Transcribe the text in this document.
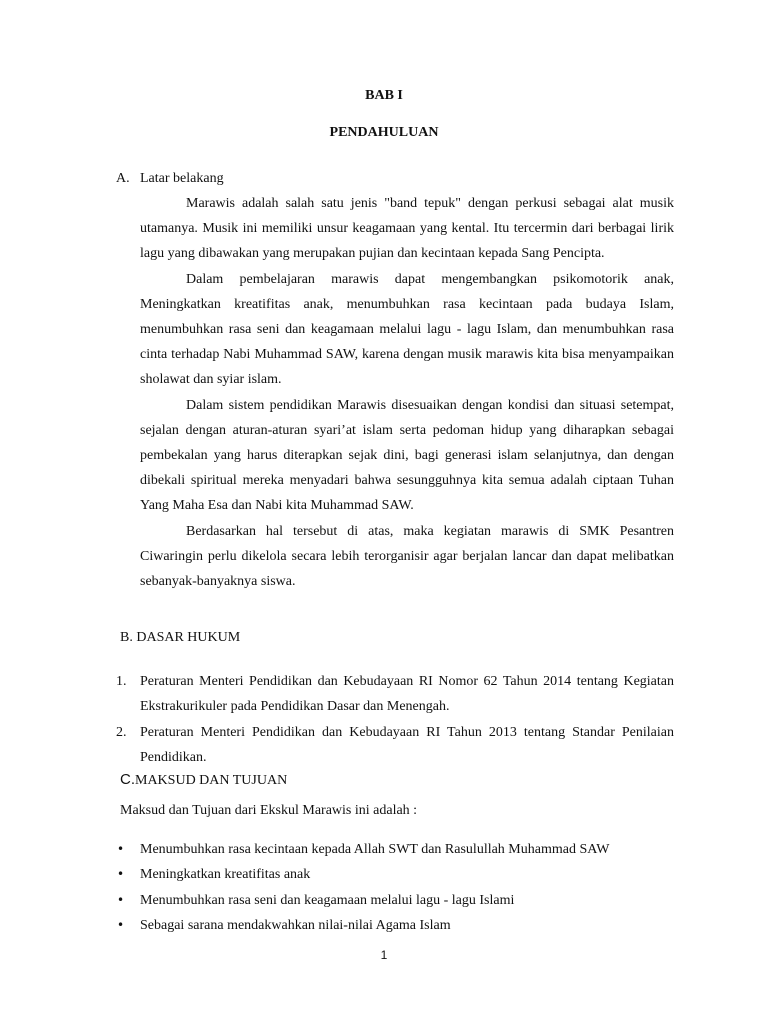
BAB I
PENDAHULUAN
A. Latar belakang

Marawis adalah salah satu jenis "band tepuk" dengan perkusi sebagai alat musik utamanya. Musik ini memiliki unsur keagamaan yang kental. Itu tercermin dari berbagai lirik lagu yang dibawakan yang merupakan pujian dan kecintaan kepada Sang Pencipta.

Dalam pembelajaran marawis dapat mengembangkan psikomotorik anak, Meningkatkan kreatifitas anak, menumbuhkan rasa kecintaan pada budaya Islam, menumbuhkan rasa seni dan keagamaan melalui lagu - lagu Islam, dan menumbuhkan rasa cinta terhadap Nabi Muhammad SAW, karena dengan musik marawis kita bisa menyampaikan sholawat dan syiar islam.

Dalam sistem pendidikan Marawis disesuaikan dengan kondisi dan situasi setempat, sejalan dengan aturan-aturan syari’at islam serta pedoman hidup yang diharapkan sebagai pembekalan yang harus diterapkan sejak dini, bagi generasi islam selanjutnya, dan dengan dibekali spiritual mereka menyadari bahwa sesungguhnya kita semua adalah ciptaan Tuhan Yang Maha Esa dan Nabi kita Muhammad SAW.

Berdasarkan hal tersebut di atas, maka kegiatan marawis di SMK Pesantren Ciwaringin perlu dikelola secara lebih terorganisir agar berjalan lancar dan dapat melibatkan sebanyak-banyaknya siswa.

B. DASAR HUKUM
1. Peraturan Menteri Pendidikan dan Kebudayaan RI Nomor 62 Tahun 2014 tentang Kegiatan Ekstrakurikuler pada Pendidikan Dasar dan Menengah.
2. Peraturan Menteri Pendidikan dan Kebudayaan RI Tahun 2013 tentang Standar Penilaian Pendidikan.
C.MAKSUD DAN TUJUAN
Maksud dan Tujuan dari Ekskul Marawis ini adalah :
• Menumbuhkan rasa kecintaan kepada Allah SWT dan Rasulullah Muhammad SAW
• Meningkatkan kreatifitas anak
• Menumbuhkan rasa seni dan keagamaan melalui lagu - lagu Islami
• Sebagai sarana mendakwahkan nilai-nilai Agama Islam
1
